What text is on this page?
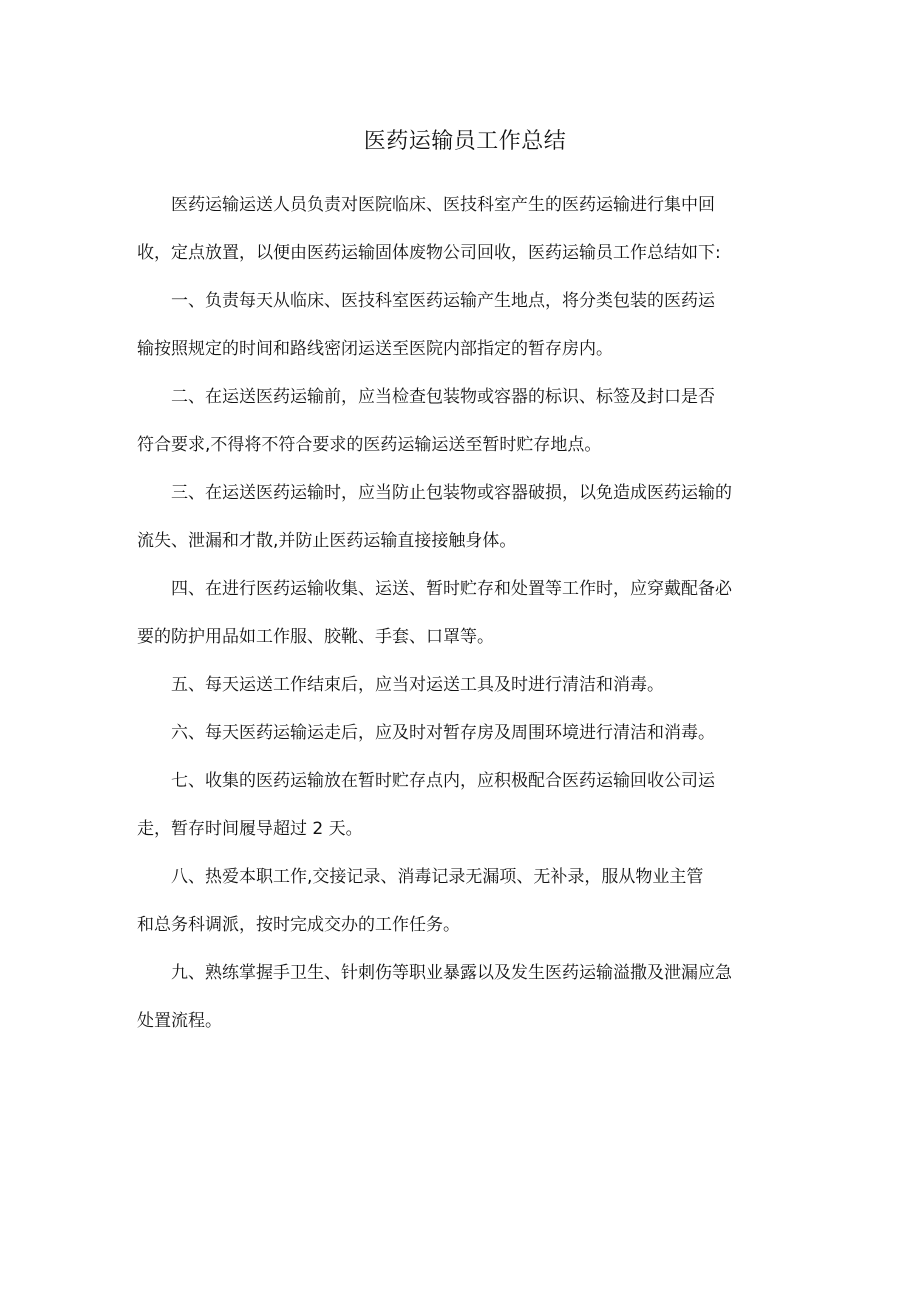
医药运输员工作总结

医药运输运送人员负责对医院临床、医技科室产生的医药运输进行集中回
收，定点放置，以便由医药运输固体废物公司回收，医药运输员工作总结如下:

一、负责每天从临床、医技科室医药运输产生地点，将分类包装的医药运
输按照规定的时间和路线密闭运送至医院内部指定的暂存房内。

二、在运送医药运输前，应当检查包装物或容器的标识、标签及封口是否
符合要求,不得将不符合要求的医药运输运送至暂时贮存地点。

三、在运送医药运输时，应当防止包装物或容器破损，以免造成医药运输的
流失、泄漏和才散,并防止医药运输直接接触身体。

四、在进行医药运输收集、运送、暂时贮存和处置等工作时，应穿戴配备必
要的防护用品如工作服、胶靴、手套、口罩等。

五、每天运送工作结束后，应当对运送工具及时进行清洁和消毒。

六、每天医药运输运走后，应及时对暂存房及周围环境进行清洁和消毒。

七、收集的医药运输放在暂时贮存点内，应积极配合医药运输回收公司运
走，暂存时间履导超过 2 天。

八、热爱本职工作,交接记录、消毒记录无漏项、无补录，服从物业主管
和总务科调派，按时完成交办的工作任务。

九、熟练掌握手卫生、针刺伤等职业暴露以及发生医药运输溢撒及泄漏应急
处置流程。
